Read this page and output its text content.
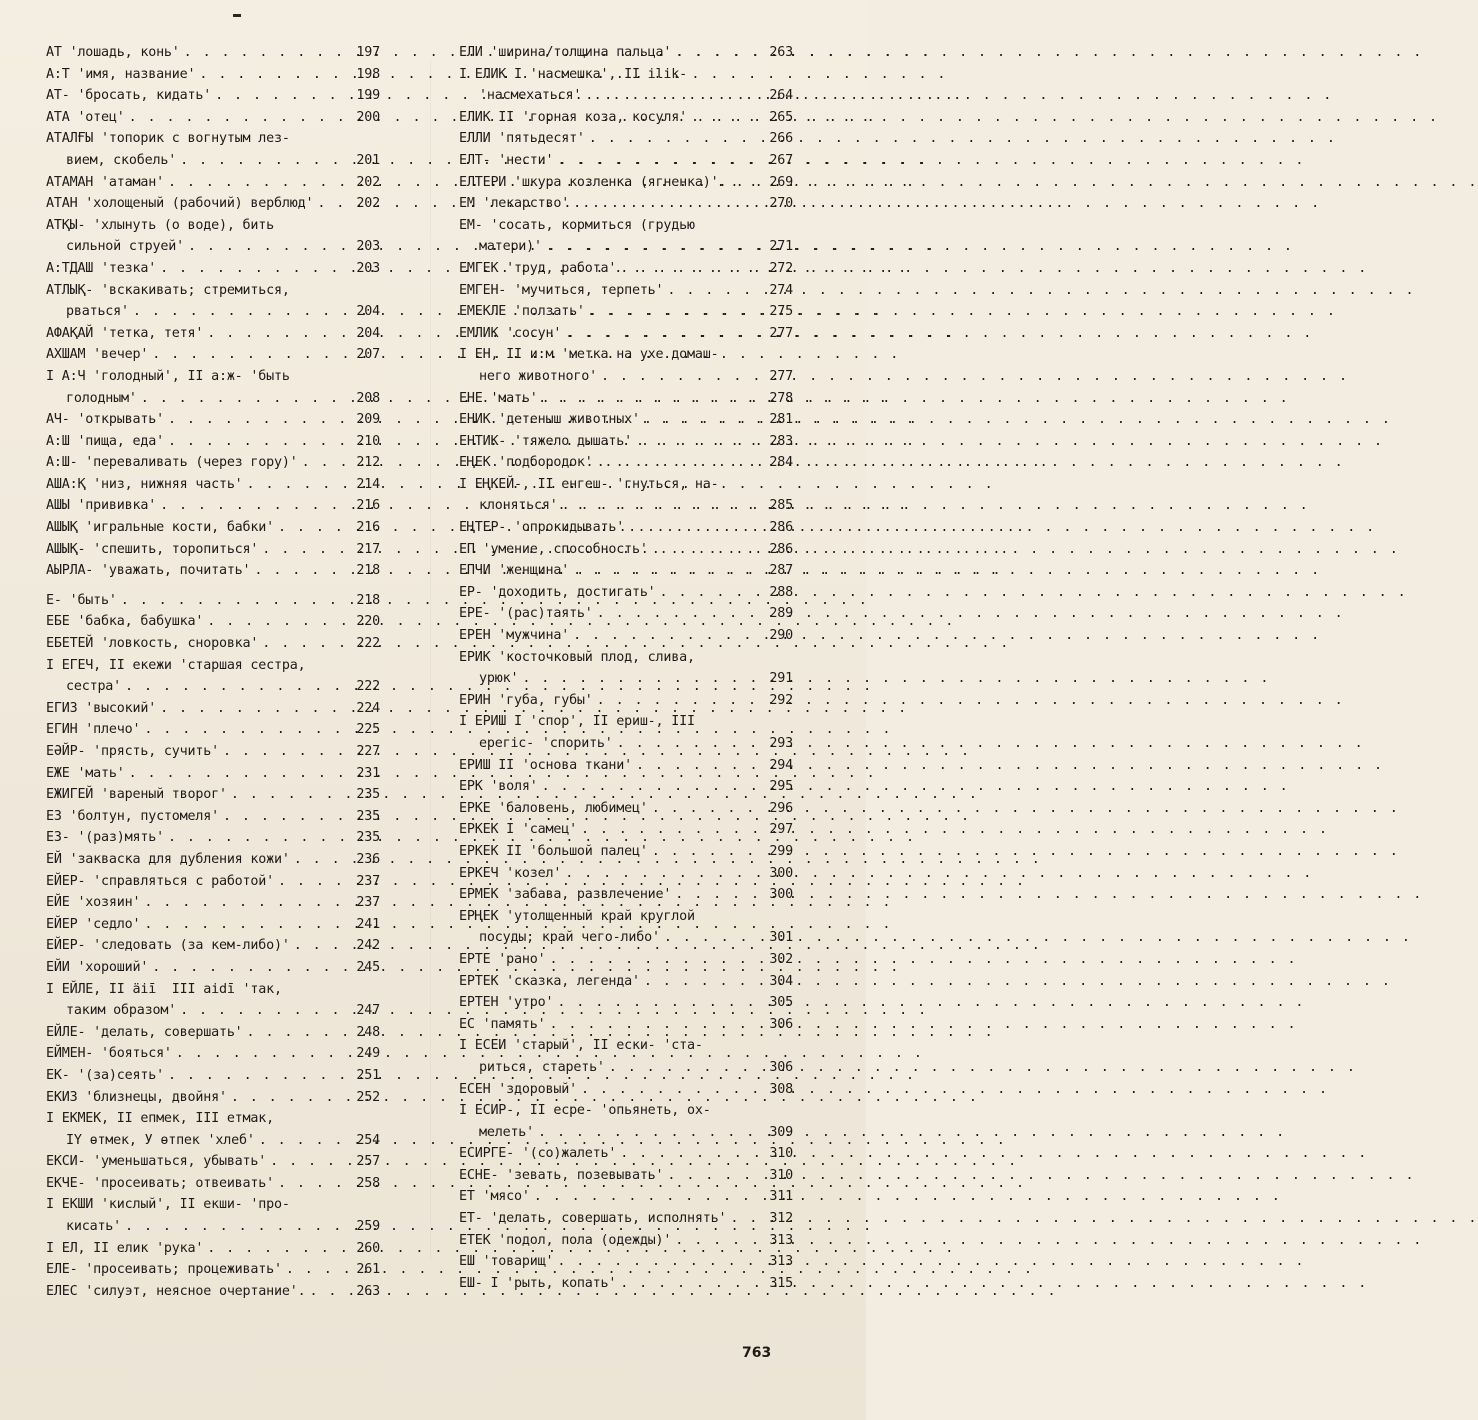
АТ 'лошадь, конь' . . .	197
А:Т 'имя, название' . . .	198
АТ- 'бросать, кидать' . . .	199
АТА 'отец' . . .	200
АТАЛҒЫ 'топорик с вогнутым лез-
вием, скобель' . . .	201
АТАМАН 'атаман' . . .	202
АТАН 'холощеный (рабочий) верблюд' . . .	202
АТҚЫ- 'хлынуть (о воде), бить
сильной струей' . . .	203
А:ТДАШ 'тезка' . . .	203
АТЛЫҚ- 'вскакивать; стремиться,
рваться' . . .	204
АФАҚАЙ 'тетка, тетя' . . .	204
АХШАМ 'вечер' . . .	207
I А:Ч 'голодный', II а:ж- 'быть
голодным' . . .	208
АЧ- 'открывать' . . .	209
А:Ш 'пища, еда' . . .	210
А:Ш- 'переваливать (через гору)' . . .	212
АША:Қ 'низ, нижняя часть' . . .	214
АШЫ 'прививка' . . .	216
АШЫҚ 'игральные кости, бабки' . . .	216
АШЫҚ- 'спешить, торопиться' . . .	217
АЫРЛА- 'уважать, почитать' . . .	218
Е- 'быть' . . .	218
ЕБЕ 'бабка, бабушка' . . .	220
ЕБЕТЕЙ 'ловкость, сноровка' . . .	222
I ЕГЕЧ, II екежи 'старшая сестра,
сестра' . . .	222
ЕГИЗ 'высокий' . . .	224
ЕГИН 'плечо' . . .	225
ЕӘЙР- 'прясть, сучить' . . .	227
ЕЖЕ 'мать' . . .	231
ЕЖИГЕЙ 'вареный творог' . . .	235
ЕЗ 'болтун, пустомеля' . . .	235
ЕЗ- '(раз)мять' . . .	235
ЕЙ 'закваска для дубления кожи' . . .	236
ЕЙЕР- 'справляться с работой' . . .	237
ЕЙЕ 'хозяин' . . .	237
ЕЙЕР 'седло' . . .	241
ЕЙЕР- 'следовать (за кем-либо)' . . .	242
ЕЙИ 'хороший' . . .	245
I ЕЙЛЕ, II äiī  III aidī 'так,
таким образом' . . .	247
ЕЙЛЕ- 'делать, совершать' . . .	248
ЕЙМЕН- 'бояться' . . .	249
ЕК- '(за)сеять' . . .	251
ЕКИЗ 'близнецы, двойня' . . .	252
I ЕКМЕК, II епмек, III етмак,
IY өтмек, У өтпек 'хлеб' . . .	254
ЕКСИ- 'уменьшаться, убывать' . . .	257
ЕКЧЕ- 'просеивать; отвеивать' . . .	258
I ЕКШИ 'кислый', II екши- 'про-
кисать' . . .	259
I ЕЛ, II елик 'рука' . . .	260
ЕЛЕ- 'просеивать; процеживать' . . .	261
ЕЛЕС 'силуэт, неясное очертание'. . . .	263
ЕЛИ 'ширина/толщина пальца' . . .	263
I ЕЛИК I 'насмешка', II ilik-
'насмехаться' . . .	264
ЕЛИК II 'горная коза, косуля' . . .	265
ЕЛЛИ 'пятьдесят' . . .	266
ЕЛТ- 'нести' . . .	267
ЕЛТЕРИ 'шкура козленка (ягненка)'. . . .	269
ЕМ 'лекарство' . . .	270
ЕМ- 'сосать, кормиться (грудью
матери)' . . .	271
ЕМГЕК 'труд, работа' . . .	272
ЕМГЕН- 'мучиться, терпеть' . . .	274
ЕМЕКЛЕ 'ползать' . . .	275
ЕМЛИК 'сосун' . . .	277
I ЕН, II и:м 'метка на ухе домаш-
него животного' . . .	277
ЕНЕ 'мать' . . .	278
ЕНИК 'детеныш животных' . . .	281
ЕНТИК- 'тяжело дышать' . . .	283
ЕҢЕК 'подбородок' . . .	284
I ЕҢКЕЙ-, II енгеш- 'гнуться, на-
клоняться' . . .	285
ЕҢТЕР- 'опрокидывать' . . .	286
ЕП 'умение, способность' . . .	286
ЕПЧИ 'женщина' . . .	287
ЕР- 'доходить, достигать' . . .	288
ЕРЕ- '(рас)таять' . . .	289
ЕРЕН 'мужчина' . . .	290
ЕРИК 'косточковый плод, слива,
урюк' . . .	291
ЕРИН 'губа, губы' . . .	292
I ЕРИШ I 'спор', II ериш-, III
ерегiс- 'спорить' . . .	293
ЕРИШ II 'основа ткани' . . .	294
ЕРК 'воля' . . .	295
ЕРКЕ 'баловень, любимец' . . .	296
ЕРКЕК I 'самец' . . .	297
ЕРКЕК II 'большой палец' . . .	299
ЕРКЕЧ 'козел' . . .	300
ЕРМЕК 'забава, развлечение' . . .	300
ЕРҢЕК 'утолщенный край круглой
посуды; край чего-либо' . . .	301
ЕРТЕ 'рано' . . .	302
ЕРТЕК 'сказка, легенда' . . .	304
ЕРТЕН 'утро' . . .	305
ЕС 'память' . . .	306
I ЕСЕИ 'старый', II ески- 'ста-
риться, стареть' . . .	306
ЕСЕН 'здоровый' . . .	308
I ЕСИР-, II есре- 'опьянеть, ох-
мелеть' . . .	309
ЕСИРГЕ- '(со)жалеть' . . .	310
ЕСНЕ- 'зевать, позевывать' . . .	310
ЕТ 'мясо' . . .	311
ЕТ- 'делать, совершать, исполнять' . . .	312
ЕТЕК 'подол, пола (одежды)' . . .	313
ЕШ 'товарищ' . . .	313
ЕШ- I 'рыть, копать' . . .	315
763
